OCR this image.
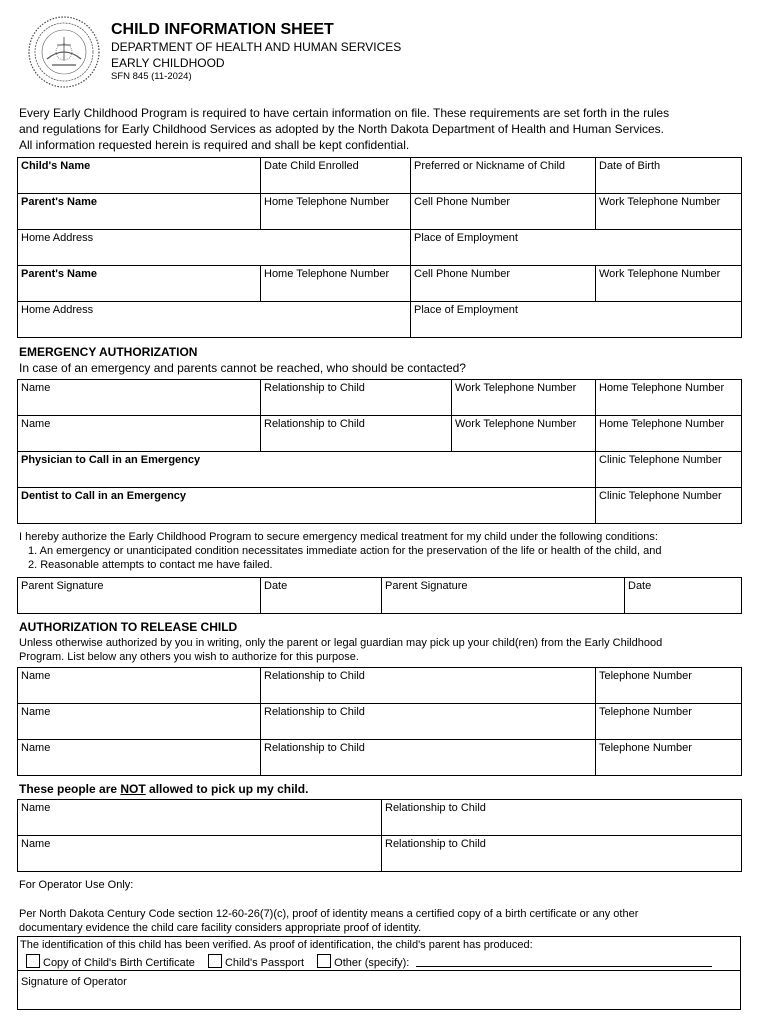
CHILD INFORMATION SHEET
DEPARTMENT OF HEALTH AND HUMAN SERVICES
EARLY CHILDHOOD
SFN 845 (11-2024)
Every Early Childhood Program is required to have certain information on file. These requirements are set forth in the rules
and regulations for Early Childhood Services as adopted by the North Dakota Department of Health and Human Services.
All information requested herein is required and shall be kept confidential.
Child's Name	Date Child Enrolled	Preferred or Nickname of Child	Date of Birth
Parent's Name	Home Telephone Number	Cell Phone Number	Work Telephone Number
Home Address		Place of Employment	
Parent's Name	Home Telephone Number	Cell Phone Number	Work Telephone Number
Home Address		Place of Employment	
EMERGENCY AUTHORIZATION
In case of an emergency and parents cannot be reached, who should be contacted?
Name	Relationship to Child	Work Telephone Number	Home Telephone Number
Name	Relationship to Child	Work Telephone Number	Home Telephone Number
Physician to Call in an Emergency			Clinic Telephone Number
Dentist to Call in an Emergency			Clinic Telephone Number
I hereby authorize the Early Childhood Program to secure emergency medical treatment for my child under the following conditions:
1. An emergency or unanticipated condition necessitates immediate action for the preservation of the life or health of the child, and
2. Reasonable attempts to contact me have failed.
Parent Signature	Date	Parent Signature	Date
AUTHORIZATION TO RELEASE CHILD
Unless otherwise authorized by you in writing, only the parent or legal guardian may pick up your child(ren) from the Early Childhood
Program. List below any others you wish to authorize for this purpose.
Name	Relationship to Child	Telephone Number
Name	Relationship to Child	Telephone Number
Name	Relationship to Child	Telephone Number
These people are NOT allowed to pick up my child.
Name	Relationship to Child
Name	Relationship to Child
For Operator Use Only:
Per North Dakota Century Code section 12-60-26(7)(c), proof of identity means a certified copy of a birth certificate or any other
documentary evidence the child care facility considers appropriate proof of identity.
The identification of this child has been verified. As proof of identification, the child's parent has produced:
Copy of Child's Birth Certificate	Child's Passport	Other (specify):
Signature of Operator
